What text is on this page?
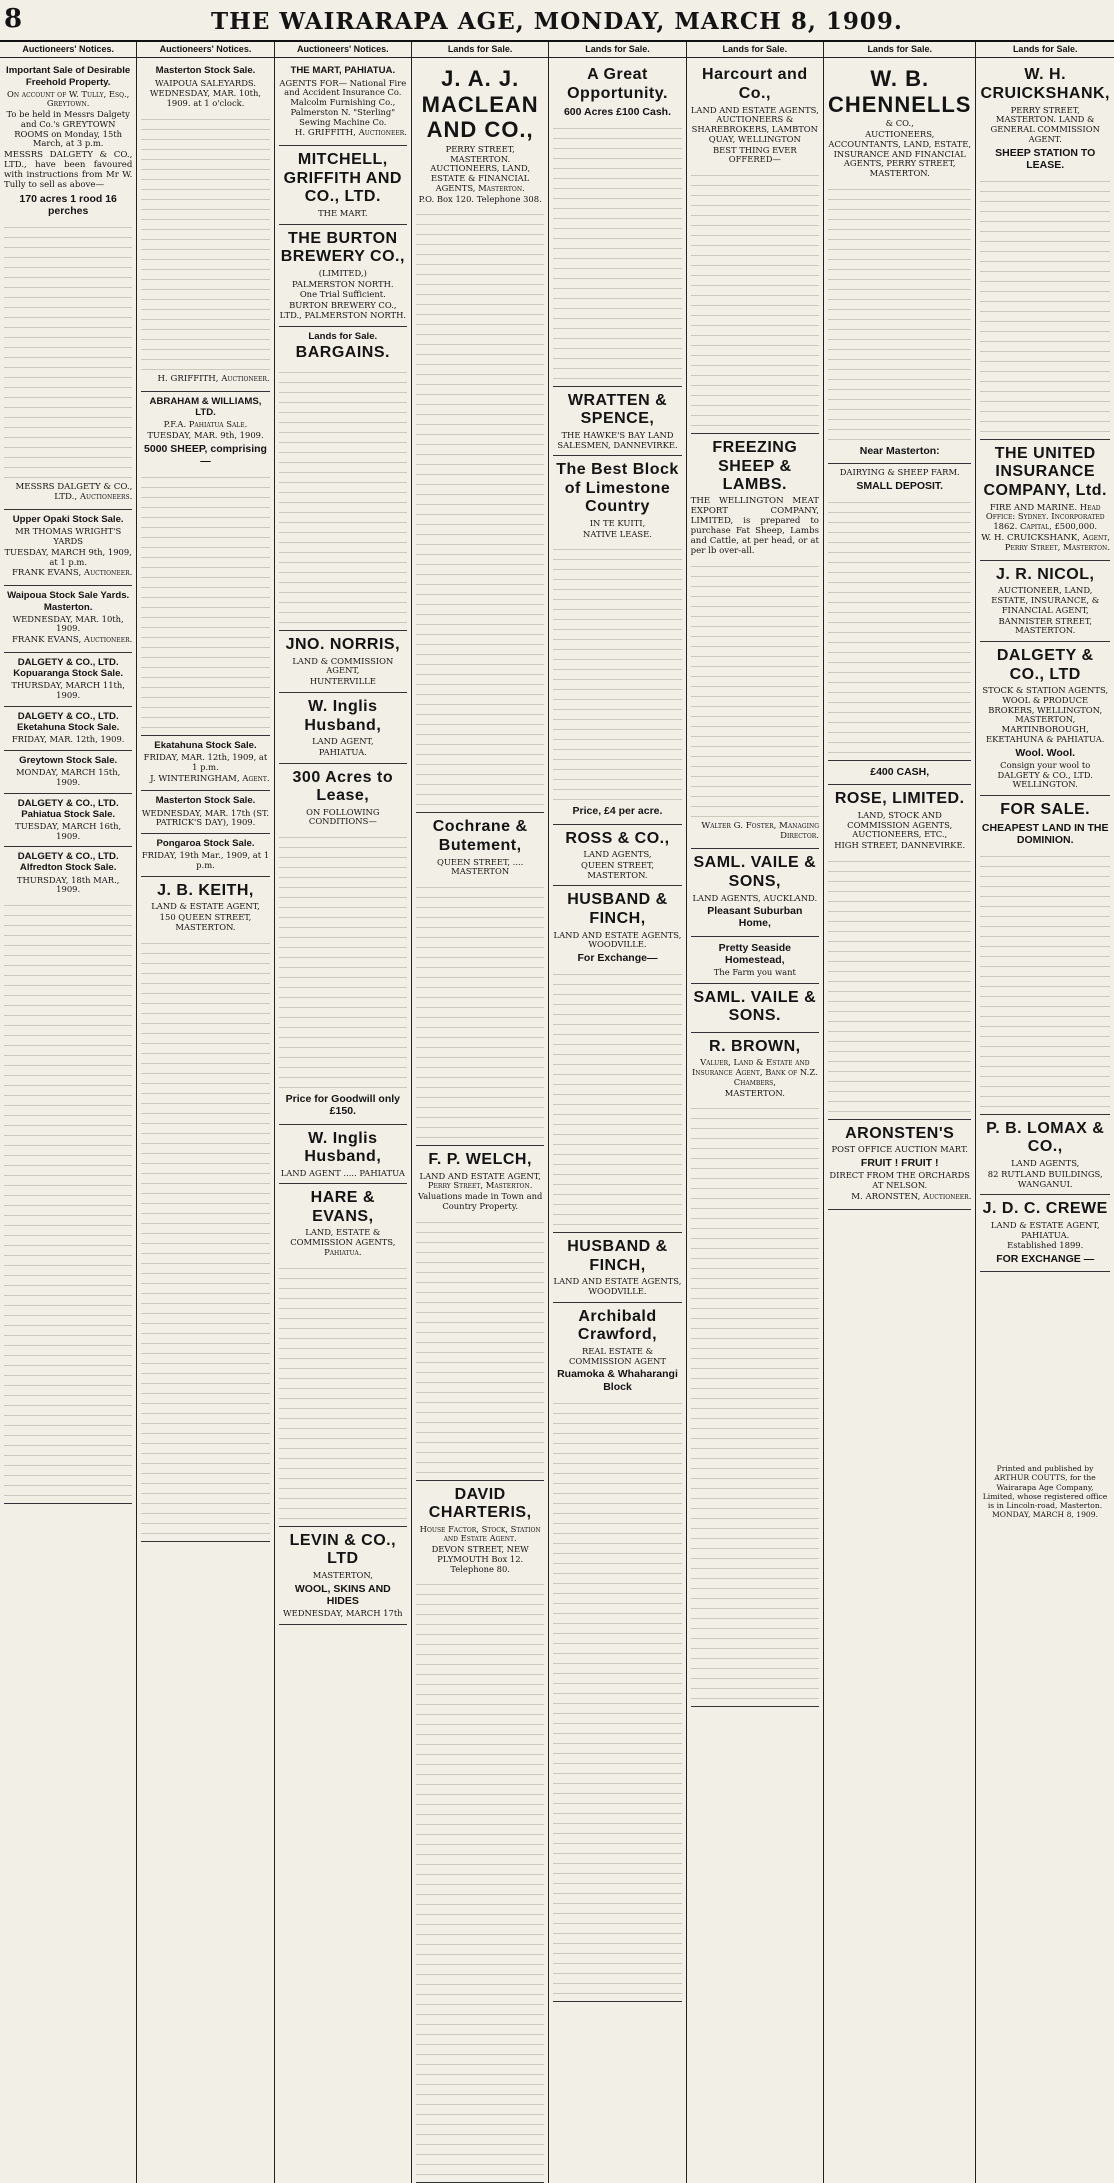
8	THE WAIRARAPA AGE, MONDAY, MARCH 8, 1909.
Auctioneers' Notices.
Important Sale of Desirable Freehold Property.
On account of W. Tully, Esq., Greytown.
To be held in Messrs Dalgety and Co.'s GREYTOWN ROOMS on Monday, 15th March, at 3 p.m.
MESSRS DALGETY & CO., LTD., have been favoured with instructions from Mr W. Tully to sell as above—
170 acres 1 rood 16 perches
MESSRS DALGETY & CO., LTD., Auctioneers.
Upper Opaki Stock Sale.
MR THOMAS WRIGHT'S YARDS
TUESDAY, MARCH 9th, 1909, at 1 p.m.
FRANK EVANS, Auctioneer.
Waipoua Stock Sale Yards. Masterton.
WEDNESDAY, MAR. 10th, 1909.
FRANK EVANS, Auctioneer.
DALGETY & CO., LTD. Kopuaranga Stock Sale.
THURSDAY, MARCH 11th, 1909.
DALGETY & CO., LTD. Eketahuna Stock Sale.
FRIDAY, MAR. 12th, 1909.
Greytown Stock Sale.
MONDAY, MARCH 15th, 1909.
DALGETY & CO., LTD. Pahiatua Stock Sale.
TUESDAY, MARCH 16th, 1909.
DALGETY & CO., LTD. Alfredton Stock Sale.
THURSDAY, 18th MAR., 1909.
Auctioneers' Notices.
Masterton Stock Sale.
WAIPOUA SALEYARDS.
WEDNESDAY, MAR. 10th, 1909. at 1 o'clock.
H. GRIFFITH, Auctioneer.
ABRAHAM & WILLIAMS, LTD.
P.F.A. Pahiatua Sale.
TUESDAY, MAR. 9th, 1909.
5000 SHEEP, comprising—
Ekatahuna Stock Sale.
FRIDAY, MAR. 12th, 1909, at 1 p.m.
J. WINTERINGHAM, Agent.
Masterton Stock Sale.
WEDNESDAY, MAR. 17th (ST. PATRICK'S DAY), 1909.
Pongaroa Stock Sale.
FRIDAY, 19th Mar., 1909, at 1 p.m.
J. B. KEITH,
LAND & ESTATE AGENT,
150 QUEEN STREET, MASTERTON.
Auctioneers' Notices.
THE MART, PAHIATUA.
AGENTS FOR— National Fire and Accident Insurance Co. Malcolm Furnishing Co., Palmerston N. "Sterling" Sewing Machine Co.
H. GRIFFITH, Auctioneer.
MITCHELL, GRIFFITH AND CO., LTD.
THE MART.
THE BURTON BREWERY CO.,
(LIMITED,)
PALMERSTON NORTH.
One Trial Sufficient.
BURTON BREWERY CO., LTD., PALMERSTON NORTH.
Lands for Sale.
BARGAINS.
JNO. NORRIS,
LAND & COMMISSION AGENT,
HUNTERVILLE
W. Inglis Husband,
LAND AGENT,
PAHIATUA.
300 Acres to Lease,
ON FOLLOWING CONDITIONS—
Price for Goodwill only £150.
W. Inglis Husband,
LAND AGENT ..... PAHIATUA
HARE & EVANS,
LAND, ESTATE & COMMISSION AGENTS, Pahiatua.
LEVIN & CO., LTD
MASTERTON,
WOOL, SKINS AND HIDES
WEDNESDAY, MARCH 17th
Lands for Sale.
J. A. J. MACLEAN AND CO.,
PERRY STREET, MASTERTON. AUCTIONEERS, LAND, ESTATE & FINANCIAL AGENTS, Masterton.
P.O. Box 120. Telephone 308.
Cochrane & Butement,
QUEEN STREET, .... MASTERTON
F. P. WELCH,
LAND AND ESTATE AGENT, Perry Street, Masterton.
Valuations made in Town and Country Property.
DAVID CHARTERIS,
House Factor, Stock, Station and Estate Agent.
DEVON STREET, NEW PLYMOUTH Box 12. Telephone 80.
Lands for Sale.
A Great Opportunity.
600 Acres £100 Cash.
WRATTEN & SPENCE,
THE HAWKE'S BAY LAND SALESMEN, DANNEVIRKE.
The Best Block of Limestone Country
IN TE KUITI,
NATIVE LEASE.
Price, £4 per acre.
ROSS & CO.,
LAND AGENTS,
QUEEN STREET, MASTERTON.
HUSBAND & FINCH,
LAND AND ESTATE AGENTS, WOODVILLE.
For Exchange—
HUSBAND & FINCH,
LAND AND ESTATE AGENTS, WOODVILLE.
Archibald Crawford,
REAL ESTATE & COMMISSION AGENT
Ruamoka & Whaharangi Block
Lands for Sale.
Harcourt and Co.,
LAND AND ESTATE AGENTS, AUCTIONEERS & SHAREBROKERS, LAMBTON QUAY, WELLINGTON
BEST THING EVER OFFERED—
FREEZING SHEEP & LAMBS.
THE WELLINGTON MEAT EXPORT COMPANY, LIMITED, is prepared to purchase Fat Sheep, Lambs and Cattle, at per head, or at per lb over-all.
Walter G. Foster, Managing Director.
SAML. VAILE & SONS,
LAND AGENTS, AUCKLAND.
Pleasant Suburban Home,
Pretty Seaside Homestead,
The Farm you want
SAML. VAILE & SONS.
R. BROWN,
Valuer, Land & Estate and Insurance Agent, Bank of N.Z. Chambers,
MASTERTON.
Lands for Sale.
W. B. CHENNELLS
& CO.,
AUCTIONEERS, ACCOUNTANTS, LAND, ESTATE, INSURANCE AND FINANCIAL AGENTS, PERRY STREET, MASTERTON.
Near Masterton:
DAIRYING & SHEEP FARM.
SMALL DEPOSIT.
£400 CASH,
ROSE, LIMITED.
LAND, STOCK AND COMMISSION AGENTS, AUCTIONEERS, ETC.,
HIGH STREET, DANNEVIRKE.
ARONSTEN'S
POST OFFICE AUCTION MART.
FRUIT ! FRUIT !
DIRECT FROM THE ORCHARDS AT NELSON.
M. ARONSTEN, Auctioneer.
Lands for Sale.
W. H. CRUICKSHANK,
PERRY STREET, MASTERTON. LAND & GENERAL COMMISSION AGENT.
SHEEP STATION TO LEASE.
THE UNITED INSURANCE COMPANY, Ltd.
FIRE AND MARINE. Head Office: Sydney. Incorporated 1862. Capital, £500,000.
W. H. CRUICKSHANK, Agent, Perry Street, Masterton.
J. R. NICOL,
AUCTIONEER, LAND, ESTATE, INSURANCE, & FINANCIAL AGENT,
BANNISTER STREET, MASTERTON.
DALGETY & CO., LTD
STOCK & STATION AGENTS, WOOL & PRODUCE BROKERS, WELLINGTON, MASTERTON, MARTINBOROUGH, EKETAHUNA & PAHIATUA.
Wool. Wool.
Consign your wool to DALGETY & CO., LTD. WELLINGTON.
FOR SALE.
CHEAPEST LAND IN THE DOMINION.
P. B. LOMAX & CO.,
LAND AGENTS,
82 RUTLAND BUILDINGS, WANGANUI.
J. D. C. CREWE
LAND & ESTATE AGENT, PAHIATUA.
Established 1899.
FOR EXCHANGE —
Printed and published by ARTHUR COUTTS, for the Wairarapa Age Company, Limited, whose registered office is in Lincoln-road, Masterton.
MONDAY, MARCH 8, 1909.
